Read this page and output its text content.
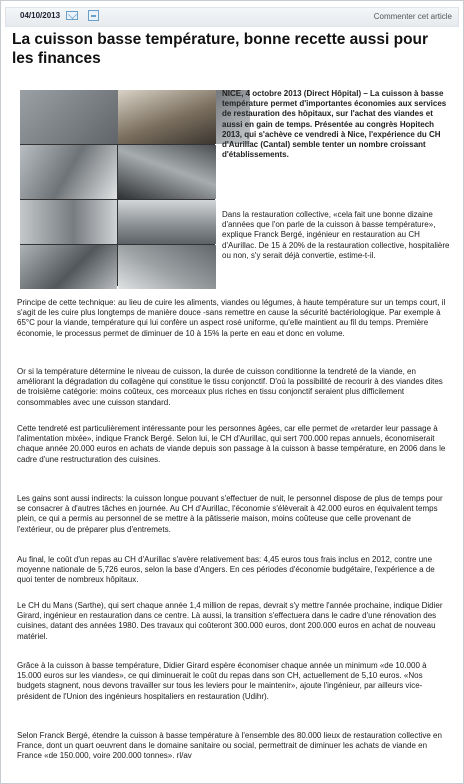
04/10/2013	Commenter cet article
La cuisson basse température, bonne recette aussi pour les finances

NICE, 4 octobre 2013 (Direct Hôpital) – La cuisson à basse température permet d'importantes économies aux services de restauration des hôpitaux, sur l'achat des viandes et aussi en gain de temps. Présentée au congrès Hopitech 2013, qui s'achève ce vendredi à Nice, l'expérience du CH d'Aurillac (Cantal) semble tenter un nombre croissant d'établissements.

Dans la restauration collective, «cela fait une bonne dizaine d'années que l'on parle de la cuisson à basse température», explique Franck Bergé, ingénieur en restauration au CH d'Aurillac. De 15 à 20% de la restauration collective, hospitalière ou non, s'y serait déjà convertie, estime-t-il.

Principe de cette technique: au lieu de cuire les aliments, viandes ou légumes, à haute température sur un temps court, il s'agit de les cuire plus longtemps de manière douce -sans remettre en cause la sécurité bactériologique. Par exemple à 65°C pour la viande, température qui lui confère un aspect rosé uniforme, qu'elle maintient au fil du temps. Première économie, le processus permet de diminuer de 10 à 15% la perte en eau et donc en volume.

Or si la température détermine le niveau de cuisson, la durée de cuisson conditionne la tendreté de la viande, en améliorant la dégradation du collagène qui constitue le tissu conjonctif. D'où la possibilité de recourir à des viandes dites de troisième catégorie: moins coûteux, ces morceaux plus riches en tissu conjonctif seraient plus difficilement consommables avec une cuisson standard.

Cette tendreté est particulièrement intéressante pour les personnes âgées, car elle permet de «retarder leur passage à l'alimentation mixée», indique Franck Bergé. Selon lui, le CH d'Aurillac, qui sert 700.000 repas annuels, économiserait chaque année 20.000 euros en achats de viande depuis son passage à la cuisson à basse température, en 2006 dans le cadre d'une restructuration des cuisines.

Les gains sont aussi indirects: la cuisson longue pouvant s'effectuer de nuit, le personnel dispose de plus de temps pour se consacrer à d'autres tâches en journée. Au CH d'Aurillac, l'économie s'élèverait à 42.000 euros en équivalent temps plein, ce qui a permis au personnel de se mettre à la pâtisserie maison, moins coûteuse que celle provenant de l'extérieur, ou de préparer plus d'entremets.

Au final, le coût d'un repas au CH d'Aurillac s'avère relativement bas: 4,45 euros tous frais inclus en 2012, contre une moyenne nationale de 5,726 euros, selon la base d'Angers. En ces périodes d'économie budgétaire, l'expérience a de quoi tenter de nombreux hôpitaux.

Le CH du Mans (Sarthe), qui sert chaque année 1,4 million de repas, devrait s'y mettre l'année prochaine, indique Didier Girard, ingénieur en restauration dans ce centre. Là aussi, la transition s'effectuera dans le cadre d'une rénovation des cuisines, datant des années 1980. Des travaux qui coûteront 300.000 euros, dont 200.000 euros en achat de nouveau matériel.

Grâce à la cuisson à basse température, Didier Girard espère économiser chaque année un minimum «de 10.000 à 15.000 euros sur les viandes», ce qui diminuerait le coût du repas dans son CH, actuellement de 5,10 euros. «Nos budgets stagnent, nous devons travailler sur tous les leviers pour le maintenir», ajoute l'ingénieur, par ailleurs vice-président de l'Union des ingénieurs hospitaliers en restauration (Udihr).

Selon Franck Bergé, étendre la cuisson à basse température à l'ensemble des 80.000 lieux de restauration collective en France, dont un quart oeuvrent dans le domaine sanitaire ou social, permettrait de diminuer les achats de viande en France «de 150.000, voire 200.000 tonnes». rl/av
